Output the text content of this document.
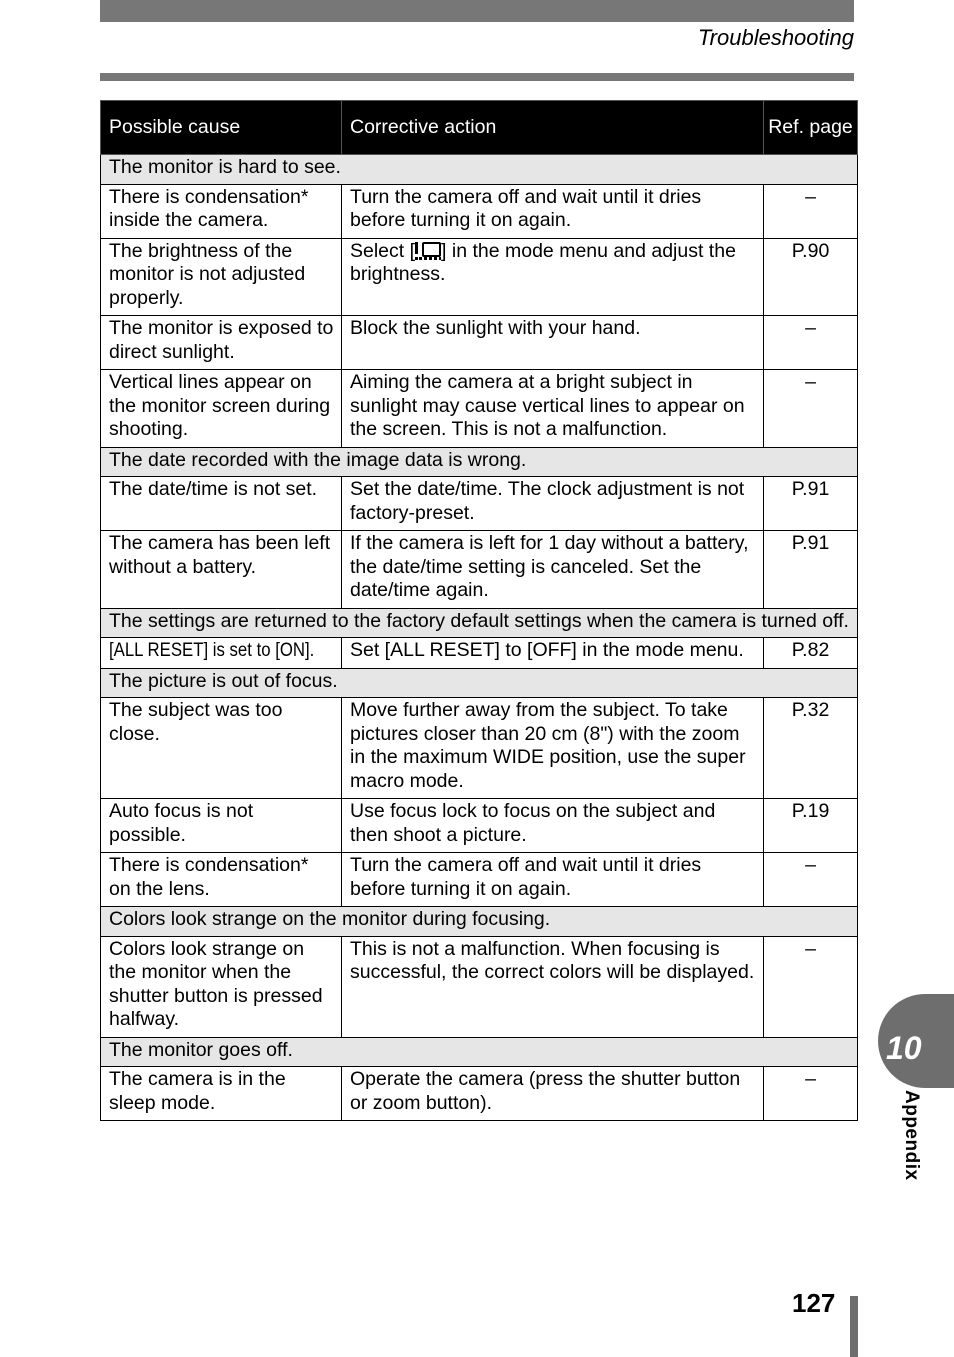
Troubleshooting
Possible cause	Corrective action	Ref. page
The monitor is hard to see.		
There is condensation* inside the camera.	Turn the camera off and wait until it dries before turning it on again.	–
The brightness of the monitor is not adjusted properly.	Select [ ] in the mode menu and adjust the brightness.	P.90
The monitor is exposed to direct sunlight.	Block the sunlight with your hand.	–
Vertical lines appear on the monitor screen during shooting.	Aiming the camera at a bright subject in sunlight may cause vertical lines to appear on the screen. This is not a malfunction.	–
The date recorded with the image data is wrong.		
The date/time is not set.	Set the date/time. The clock adjustment is not factory-preset.	P.91
The camera has been left without a battery.	If the camera is left for 1 day without a battery, the date/time setting is canceled. Set the date/time again.	P.91
The settings are returned to the factory default settings when the camera is turned off.		
[ALL RESET] is set to [ON].	Set [ALL RESET] to [OFF] in the mode menu.	P.82
The picture is out of focus.		
The subject was too close.	Move further away from the subject. To take pictures closer than 20 cm (8") with the zoom in the maximum WIDE position, use the super macro mode.	P.32
Auto focus is not possible.	Use focus lock to focus on the subject and then shoot a picture.	P.19
There is condensation* on the lens.	Turn the camera off and wait until it dries before turning it on again.	–
Colors look strange on the monitor during focusing.		
Colors look strange on the monitor when the shutter button is pressed halfway.	This is not a malfunction. When focusing is successful, the correct colors will be displayed.	–
The monitor goes off.		
The camera is in the sleep mode.	Operate the camera (press the shutter button or zoom button).	–
10
Appendix
127
